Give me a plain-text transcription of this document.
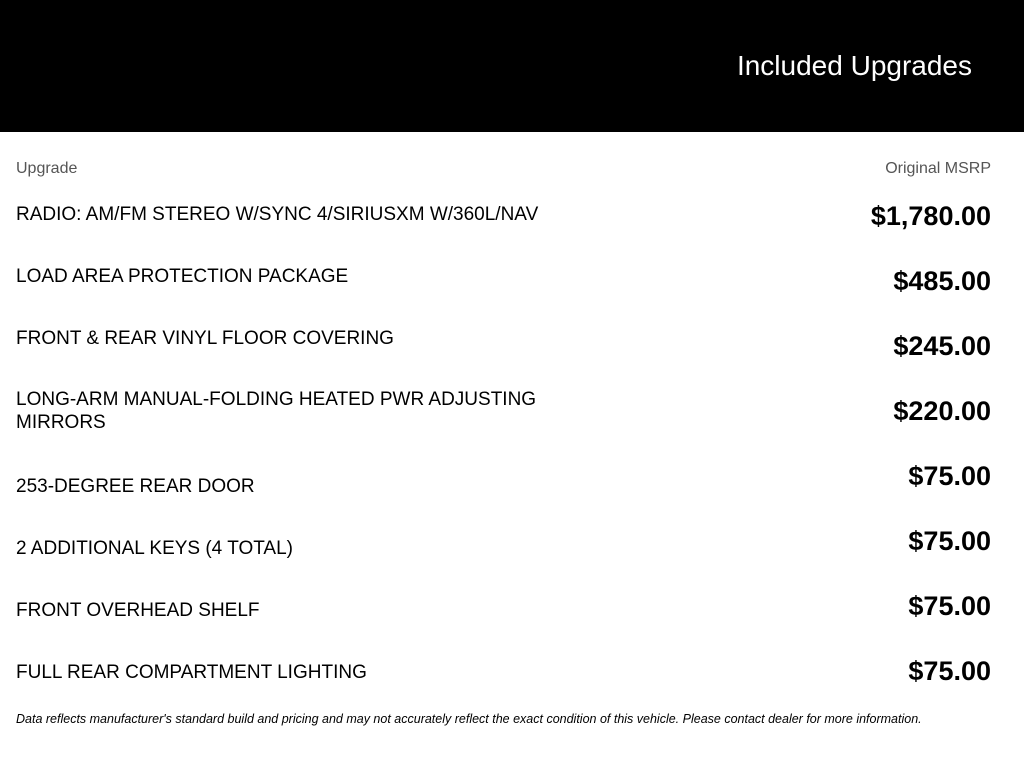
Included Upgrades
Upgrade	Original MSRP
RADIO: AM/FM STEREO W/SYNC 4/SIRIUSXM W/360L/NAV	$1,780.00
LOAD AREA PROTECTION PACKAGE	$485.00
FRONT & REAR VINYL FLOOR COVERING	$245.00
LONG-ARM MANUAL-FOLDING HEATED PWR ADJUSTING MIRRORS	$220.00
253-DEGREE REAR DOOR	$75.00
2 ADDITIONAL KEYS (4 TOTAL)	$75.00
FRONT OVERHEAD SHELF	$75.00
FULL REAR COMPARTMENT LIGHTING	$75.00
Data reflects manufacturer's standard build and pricing and may not accurately reflect the exact condition of this vehicle. Please contact dealer for more information.
